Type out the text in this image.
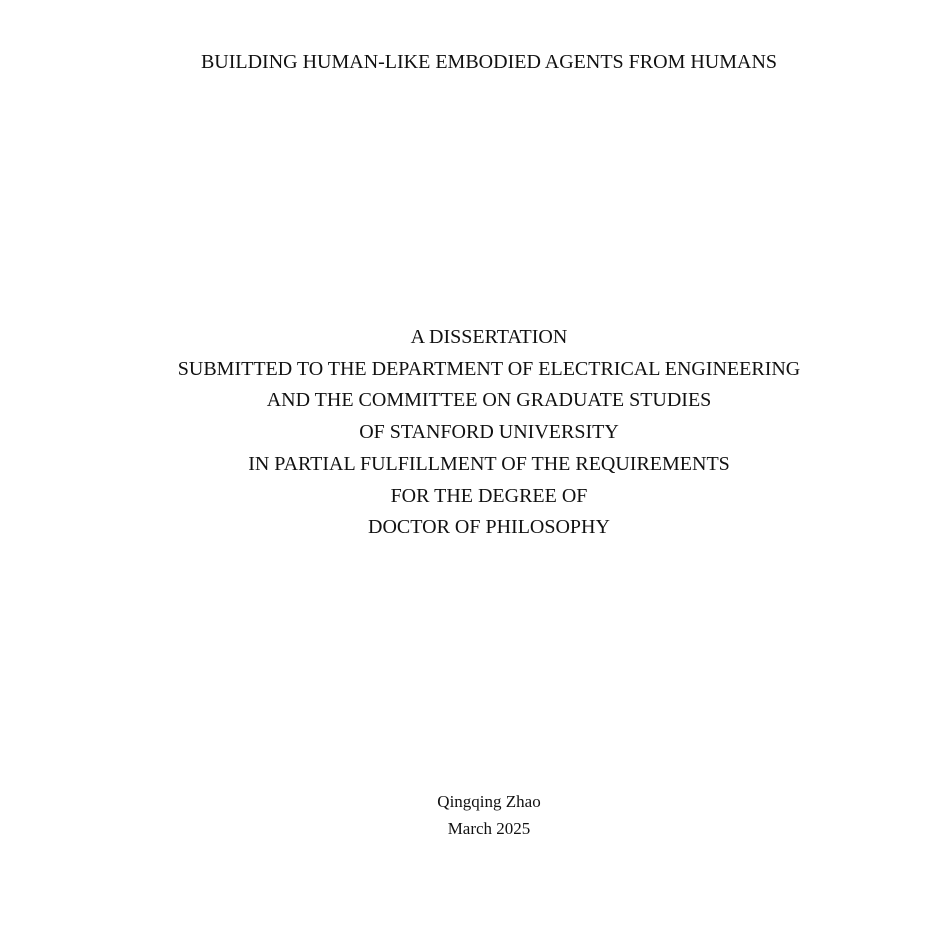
BUILDING HUMAN-LIKE EMBODIED AGENTS FROM HUMANS
A DISSERTATION
SUBMITTED TO THE DEPARTMENT OF ELECTRICAL ENGINEERING
AND THE COMMITTEE ON GRADUATE STUDIES
OF STANFORD UNIVERSITY
IN PARTIAL FULFILLMENT OF THE REQUIREMENTS
FOR THE DEGREE OF
DOCTOR OF PHILOSOPHY
Qingqing Zhao
March 2025
